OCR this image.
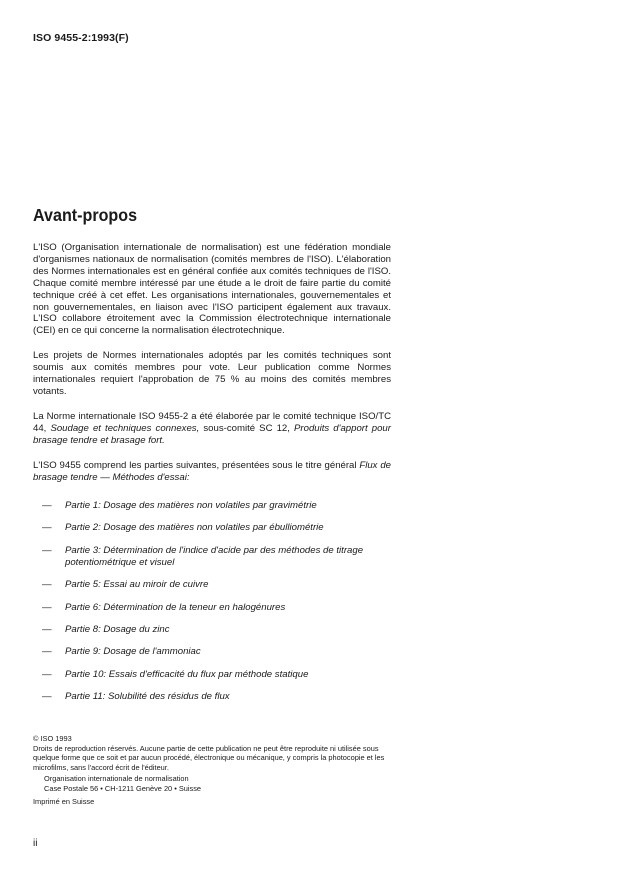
ISO 9455-2:1993(F)
Avant-propos

L'ISO (Organisation internationale de normalisation) est une fédération mondiale d'organismes nationaux de normalisation (comités membres de l'ISO). L'élaboration des Normes internationales est en général confiée aux comités techniques de l'ISO. Chaque comité membre intéressé par une étude a le droit de faire partie du comité technique créé à cet effet. Les organisations internationales, gouvernementales et non gouvernementales, en liaison avec l'ISO participent également aux travaux. L'ISO collabore étroitement avec la Commission électrotechnique internationale (CEI) en ce qui concerne la normalisation électrotechnique.

Les projets de Normes internationales adoptés par les comités techniques sont soumis aux comités membres pour vote. Leur publication comme Normes internationales requiert l'approbation de 75 % au moins des comités membres votants.

La Norme internationale ISO 9455-2 a été élaborée par le comité technique ISO/TC 44, Soudage et techniques connexes, sous-comité SC 12, Produits d'apport pour brasage tendre et brasage fort.

L'ISO 9455 comprend les parties suivantes, présentées sous le titre général Flux de brasage tendre — Méthodes d'essai:

—	Partie 1: Dosage des matières non volatiles par gravimétrie
—	Partie 2: Dosage des matières non volatiles par ébulliométrie
—	Partie 3: Détermination de l'indice d'acide par des méthodes de titrage potentiométrique et visuel
—	Partie 5: Essai au miroir de cuivre
—	Partie 6: Détermination de la teneur en halogénures
—	Partie 8: Dosage du zinc
—	Partie 9: Dosage de l'ammoniac
—	Partie 10: Essais d'efficacité du flux par méthode statique
—	Partie 11: Solubilité des résidus de flux
© ISO 1993
Droits de reproduction réservés. Aucune partie de cette publication ne peut être reproduite ni utilisée sous quelque forme que ce soit et par aucun procédé, électronique ou mécanique, y compris la photocopie et les microfilms, sans l'accord écrit de l'éditeur.
Organisation internationale de normalisation
Case Postale 56 • CH-1211 Genève 20 • Suisse
Imprimé en Suisse
ii
